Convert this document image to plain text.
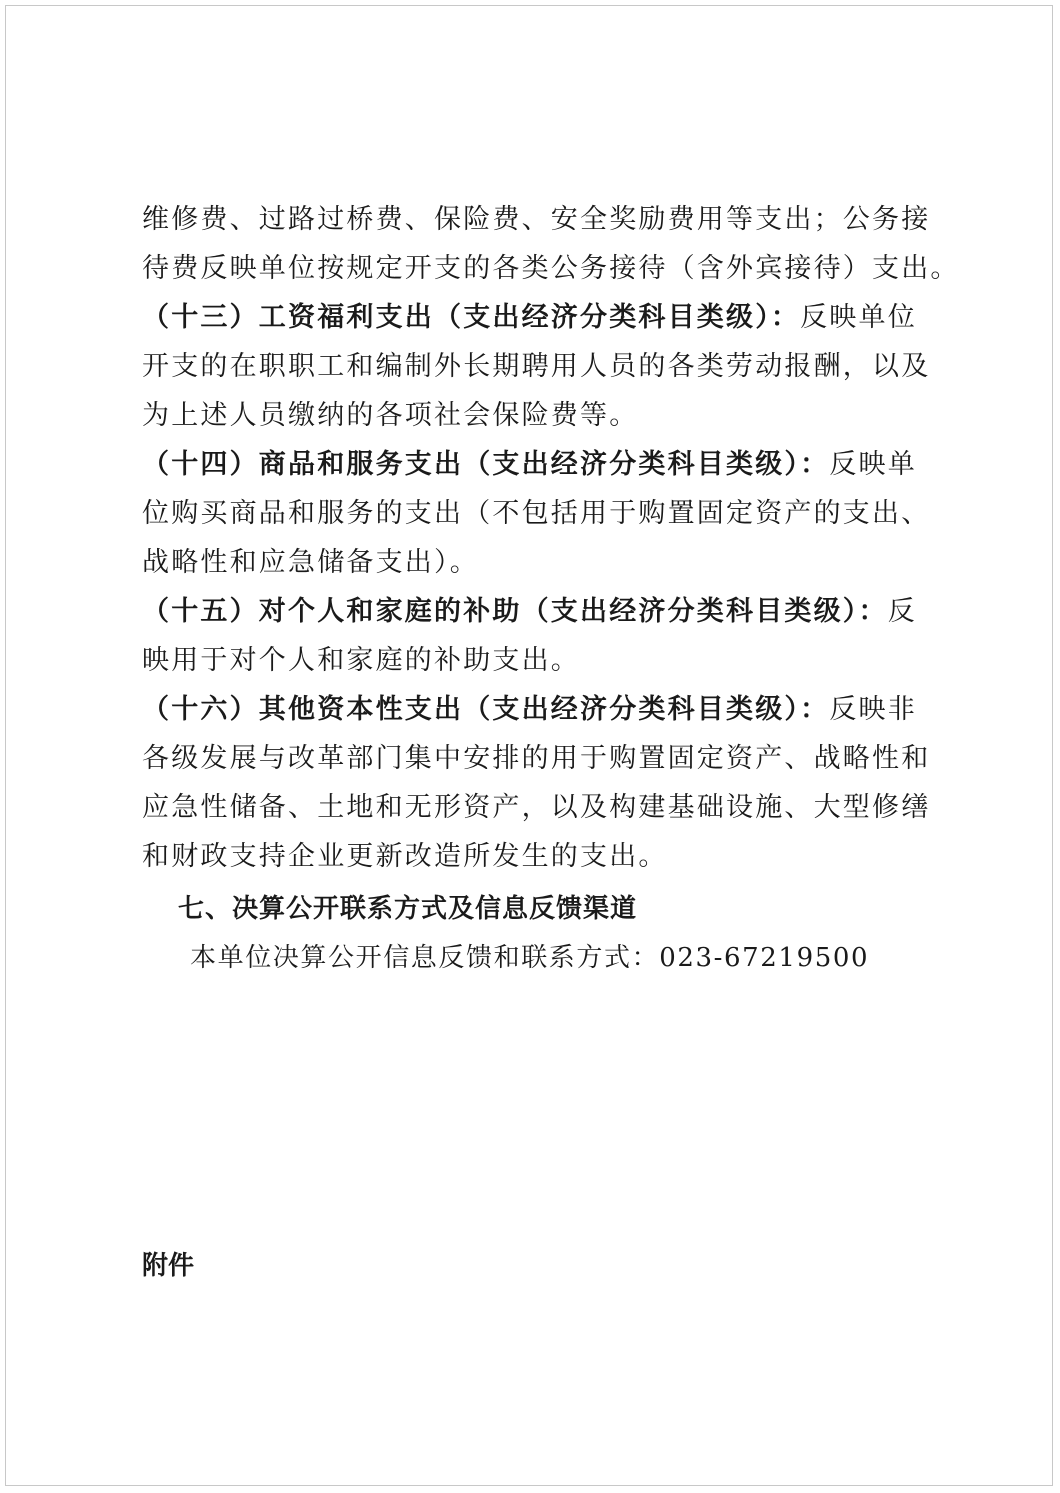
维修费、过路过桥费、保险费、安全奖励费用等支出；公务接
待费反映单位按规定开支的各类公务接待（含外宾接待）支出。
（十三）工资福利支出（支出经济分类科目类级）：反映单位
开支的在职职工和编制外长期聘用人员的各类劳动报酬，以及
为上述人员缴纳的各项社会保险费等。
（十四）商品和服务支出（支出经济分类科目类级）：反映单
位购买商品和服务的支出（不包括用于购置固定资产的支出、
战略性和应急储备支出）。
（十五）对个人和家庭的补助（支出经济分类科目类级）：反
映用于对个人和家庭的补助支出。
（十六）其他资本性支出（支出经济分类科目类级）：反映非
各级发展与改革部门集中安排的用于购置固定资产、战略性和
应急性储备、土地和无形资产，以及构建基础设施、大型修缮
和财政支持企业更新改造所发生的支出。
七、决算公开联系方式及信息反馈渠道
本单位决算公开信息反馈和联系方式：023-67219500
附件
